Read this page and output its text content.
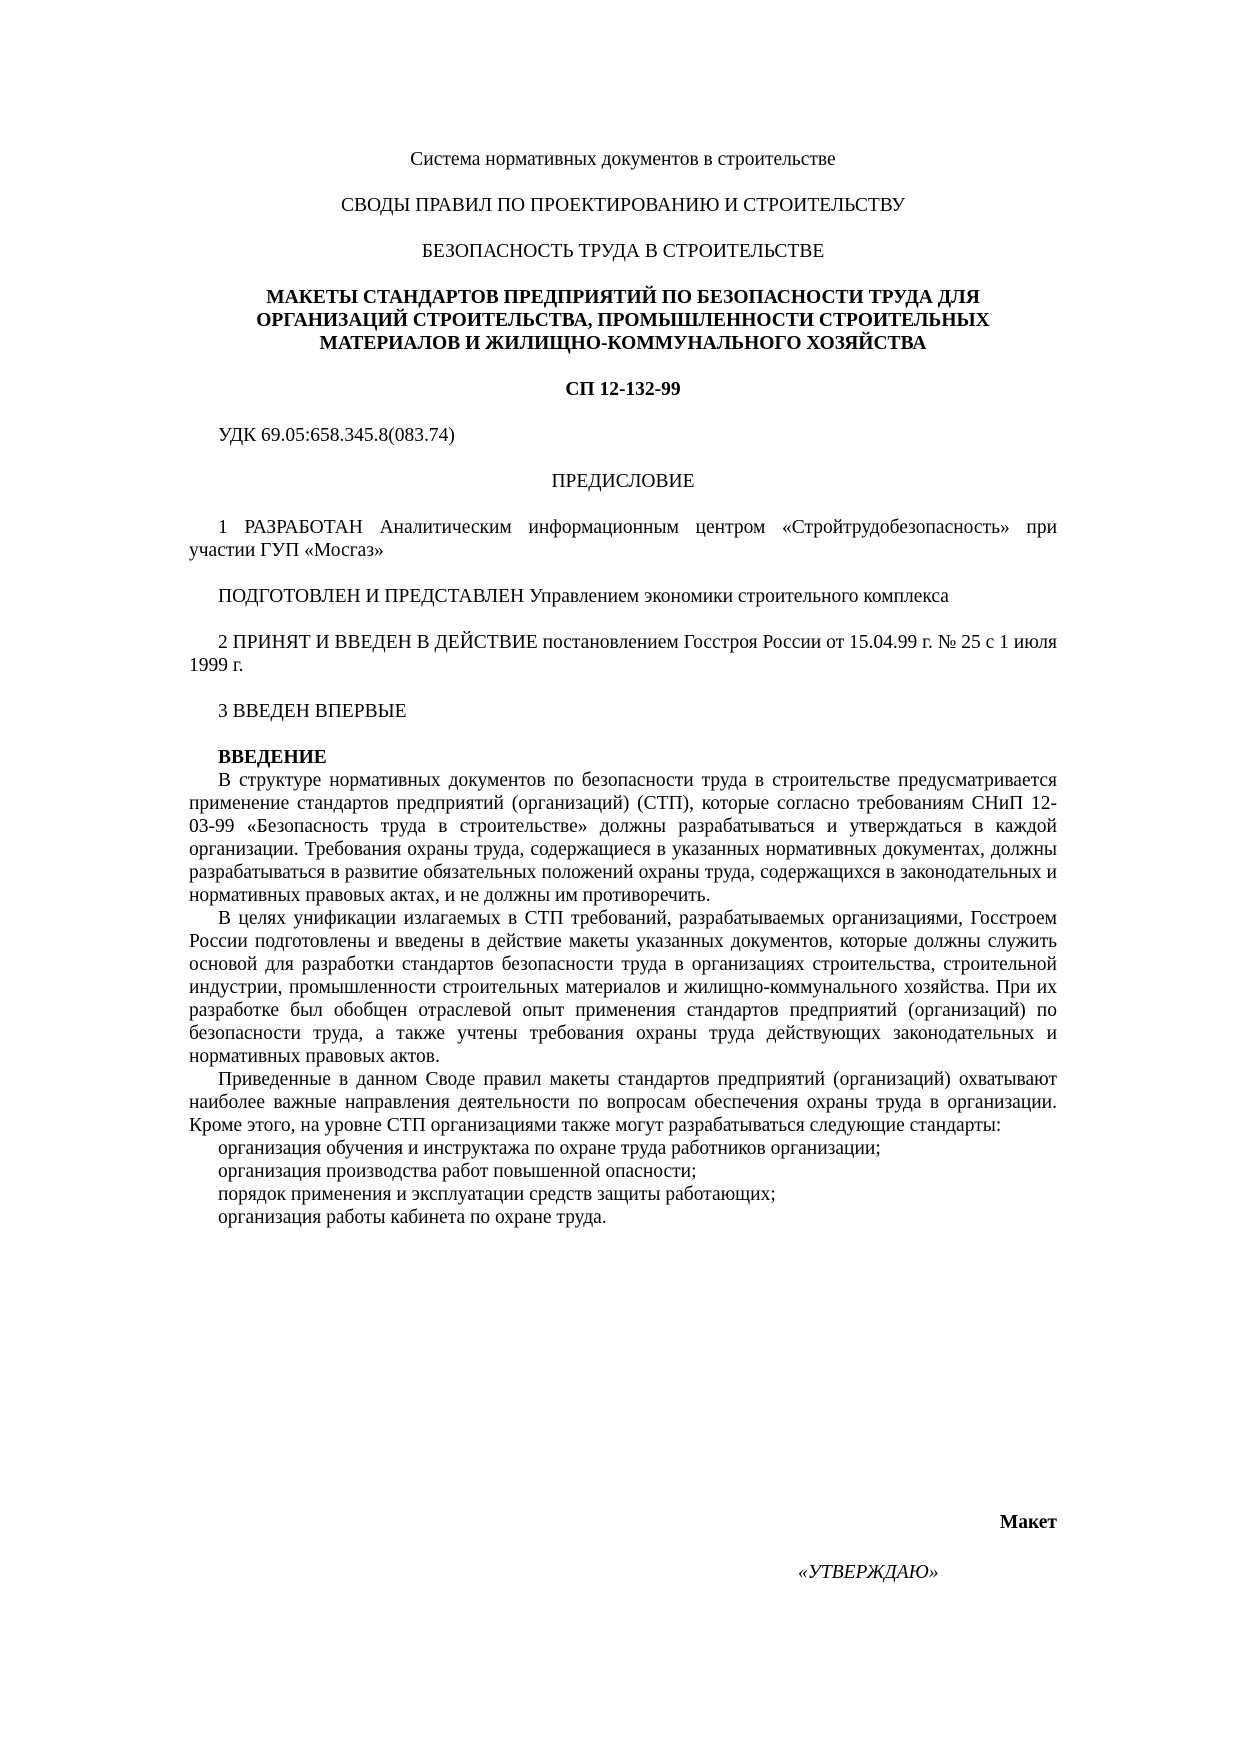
Система нормативных документов в строительстве

СВОДЫ ПРАВИЛ ПО ПРОЕКТИРОВАНИЮ И СТРОИТЕЛЬСТВУ

БЕЗОПАСНОСТЬ ТРУДА В СТРОИТЕЛЬСТВЕ

МАКЕТЫ СТАНДАРТОВ ПРЕДПРИЯТИЙ ПО БЕЗОПАСНОСТИ ТРУДА ДЛЯ ОРГАНИЗАЦИЙ СТРОИТЕЛЬСТВА, ПРОМЫШЛЕННОСТИ СТРОИТЕЛЬНЫХ МАТЕРИАЛОВ И ЖИЛИЩНО-КОММУНАЛЬНОГО ХОЗЯЙСТВА

СП 12-132-99

УДК 69.05:658.345.8(083.74)

ПРЕДИСЛОВИЕ

1 РАЗРАБОТАН Аналитическим информационным центром «Стройтрудобезопасность» при участии ГУП «Мосгаз»

ПОДГОТОВЛЕН И ПРЕДСТАВЛЕН Управлением экономики строительного комплекса

2 ПРИНЯТ И ВВЕДЕН В ДЕЙСТВИЕ постановлением Госстроя России от 15.04.99 г. № 25 с 1 июля 1999 г.

3 ВВЕДЕН ВПЕРВЫЕ

ВВЕДЕНИЕ

В структуре нормативных документов по безопасности труда в строительстве предусматривается применение стандартов предприятий (организаций) (СТП), которые согласно требованиям СНиП 12-03-99 «Безопасность труда в строительстве» должны разрабатываться и утверждаться в каждой организации. Требования охраны труда, содержащиеся в указанных нормативных документах, должны разрабатываться в развитие обязательных положений охраны труда, содержащихся в законодательных и нормативных правовых актах, и не должны им противоречить.

В целях унификации излагаемых в СТП требований, разрабатываемых организациями, Госстроем России подготовлены и введены в действие макеты указанных документов, которые должны служить основой для разработки стандартов безопасности труда в организациях строительства, строительной индустрии, промышленности строительных материалов и жилищно-коммунального хозяйства. При их разработке был обобщен отраслевой опыт применения стандартов предприятий (организаций) по безопасности труда, а также учтены требования охраны труда действующих законодательных и нормативных правовых актов.

Приведенные в данном Своде правил макеты стандартов предприятий (организаций) охватывают наиболее важные направления деятельности по вопросам обеспечения охраны труда в организации. Кроме этого, на уровне СТП организациями также могут разрабатываться следующие стандарты:

организация обучения и инструктажа по охране труда работников организации;

организация производства работ повышенной опасности;

порядок применения и эксплуатации средств защиты работающих;

организация работы кабинета по охране труда.

Макет
«УТВЕРЖДАЮ»
